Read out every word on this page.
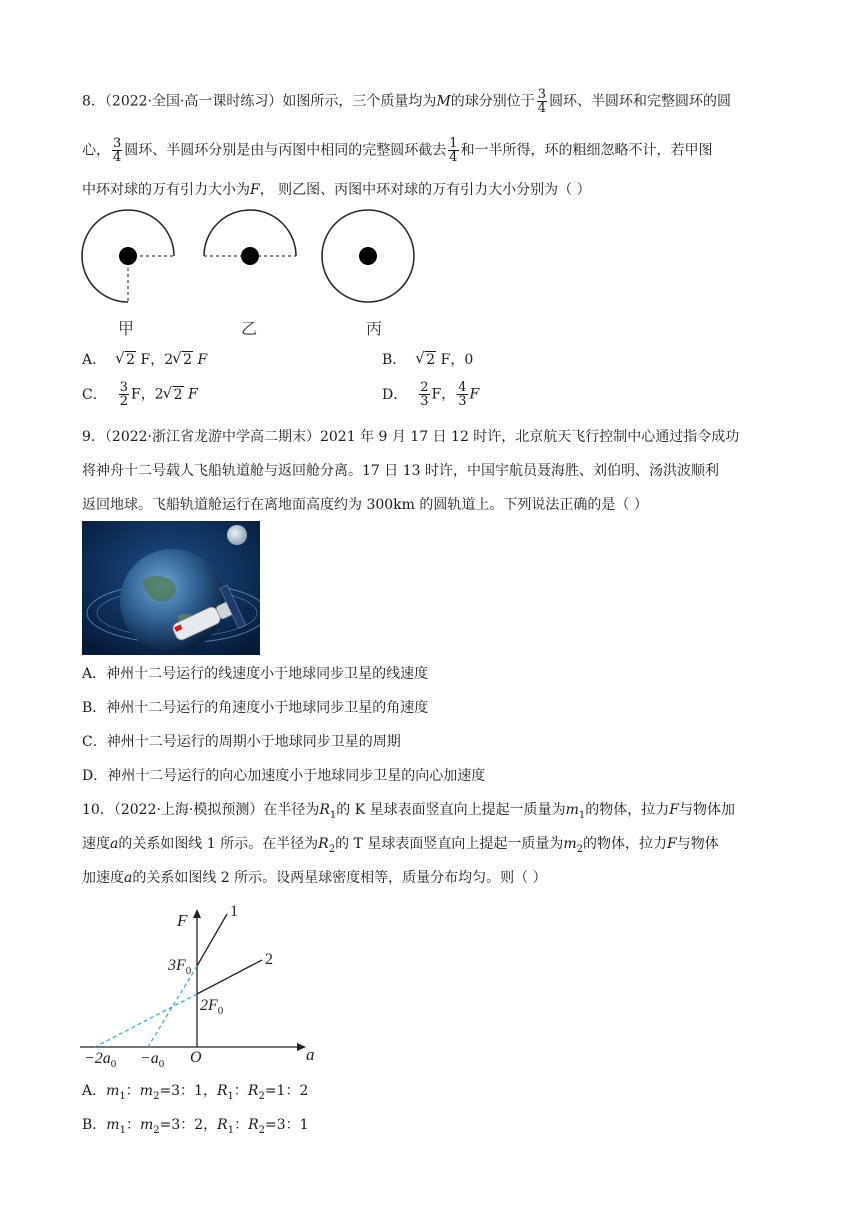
8．（2022·全国·高一课时练习）如图所示，三个质量均为M的球分别位于 $\frac{3}{4}$ 圆环、半圆环和完整圆环的圆
心， $\frac{3}{4}$ 圆环、半圆环分别是由与丙图中相同的完整圆环截去 $\frac{1}{4}$ 和一半所得，环的粗细忽略不计，若甲图
中环对球的万有引力大小为F， 则乙图、丙图中环对球的万有引力大小分别为（ ）
甲	乙	丙
A． √ 2 F，2 √ 2 F	B． √ 2 F，0
C． $\frac{3}{2}$ F，2 √ 2 F	D． $\frac{2}{3}$ F， $\frac{4}{3}$ F
9．（2022·浙江省龙游中学高二期末）2021 年 9 月 17 日 12 时许，北京航天飞行控制中心通过指令成功
将神舟十二号载人飞船轨道舱与返回舱分离。17 日 13 时许，中国宇航员聂海胜、刘伯明、汤洪波顺利
返回地球。飞船轨道舱运行在离地面高度约为 300km 的圆轨道上。下列说法正确的是（ ）
A．神州十二号运行的线速度小于地球同步卫星的线速度
B．神州十二号运行的角速度小于地球同步卫星的角速度
C．神州十二号运行的周期小于地球同步卫星的周期
D．神州十二号运行的向心加速度小于地球同步卫星的向心加速度
10．（2022·上海·模拟预测）在半径为$R_1$的 K 星球表面竖直向上提起一质量为$m_1$的物体，拉力F与物体加
速度a的关系如图线 1 所示。在半径为$R_2$的 T 星球表面竖直向上提起一质量为$m_2$的物体，拉力F与物体
加速度a的关系如图线 2 所示。设两星球密度相等，质量分布均匀。则（ ）
F
a
O
1
2
$3F_0$
$2F_0$
$-2a_0 -a_0$
A．$m_1$：$m_2=3$：1，$R_1$：$R_2=1$：2
B．$m_1$：$m_2=3$：2，$R_1$：$R_2=3$：1
